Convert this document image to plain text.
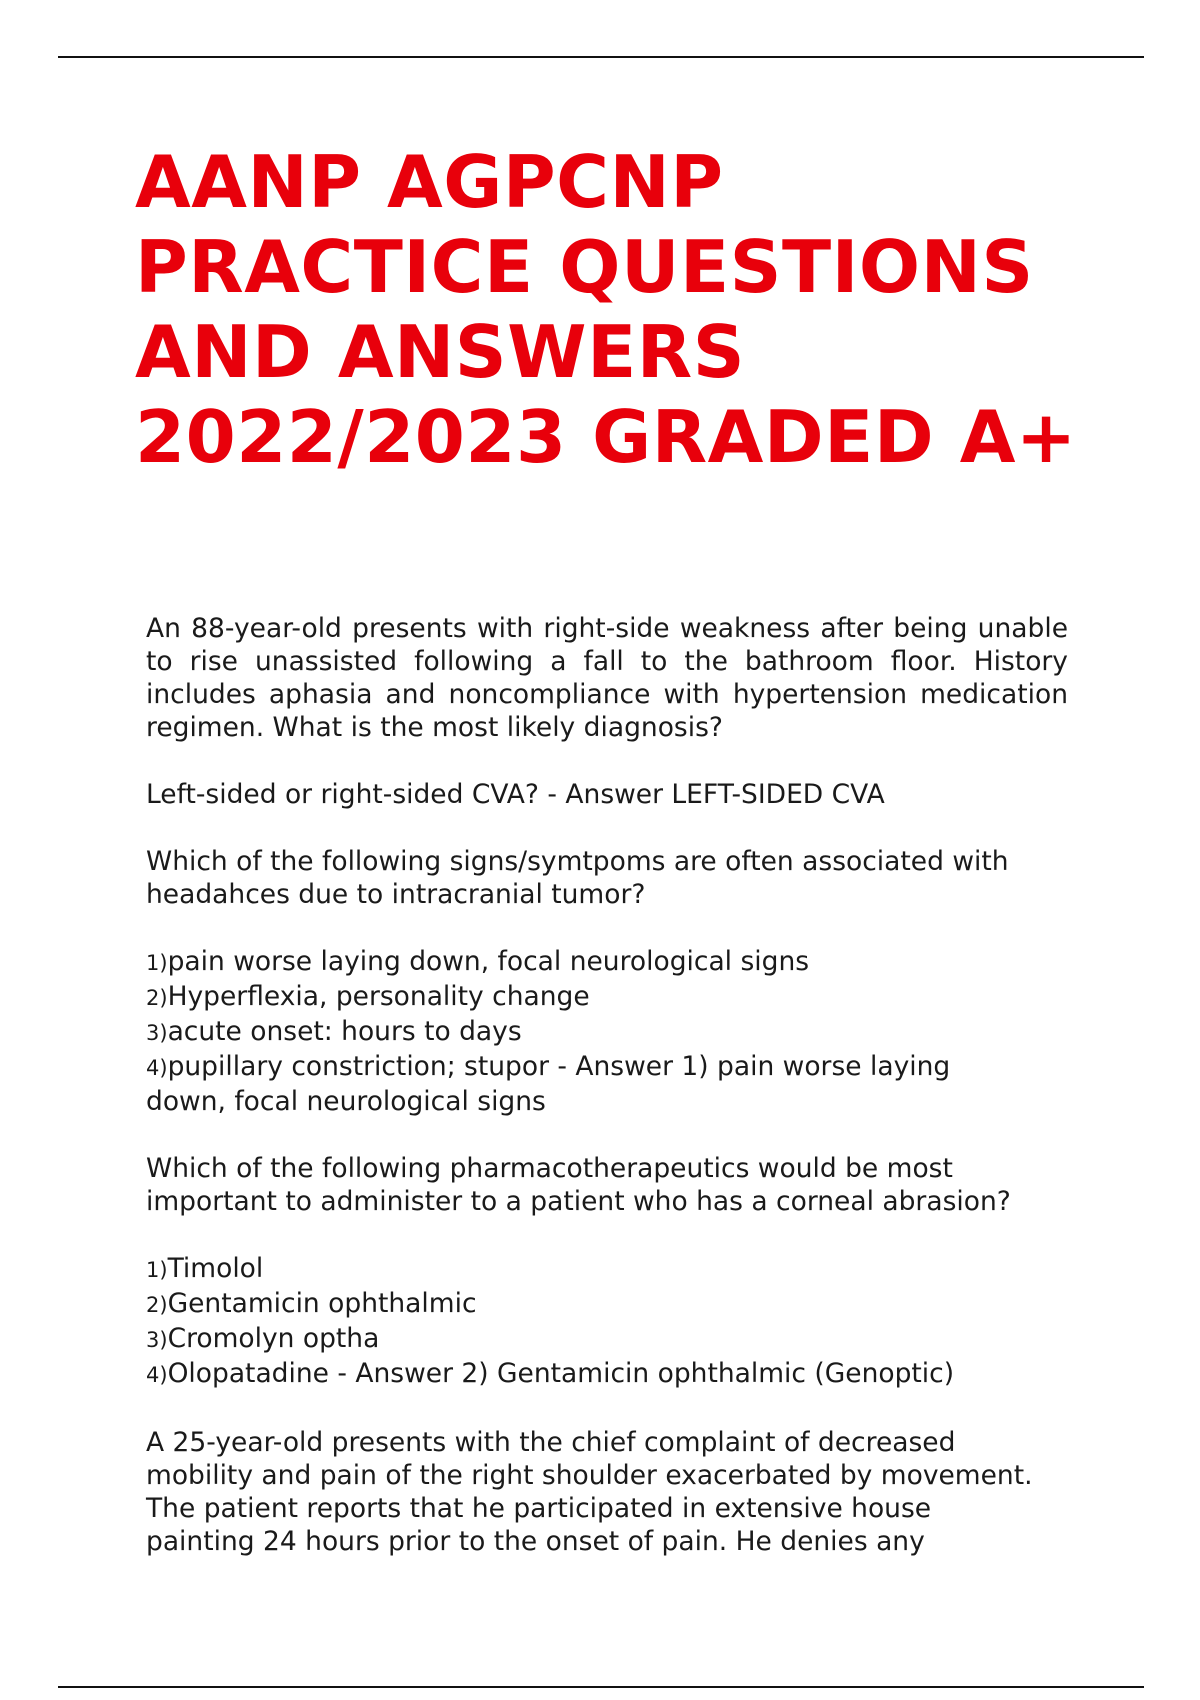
AANP AGPCNP
PRACTICE QUESTIONS
AND ANSWERS
2022/2023 GRADED A+

An 88-year-old presents with right-side weakness after being unable to rise unassisted following a fall to the bathroom floor. History includes aphasia and noncompliance with hypertension medication regimen. What is the most likely diagnosis?

Left-sided or right-sided CVA? - Answer LEFT-SIDED CVA

Which of the following signs/symtpoms are often associated with headahces due to intracranial tumor?

1)pain worse laying down, focal neurological signs
2)Hyperflexia, personality change
3)acute onset: hours to days
4)pupillary constriction; stupor - Answer 1) pain worse laying
down, focal neurological signs

Which of the following pharmacotherapeutics would be most important to administer to a patient who has a corneal abrasion?

1)Timolol
2)Gentamicin ophthalmic
3)Cromolyn optha
4)Olopatadine - Answer 2) Gentamicin ophthalmic (Genoptic)

A 25-year-old presents with the chief complaint of decreased mobility and pain of the right shoulder exacerbated by movement. The patient reports that he participated in extensive house painting 24 hours prior to the onset of pain. He denies any
